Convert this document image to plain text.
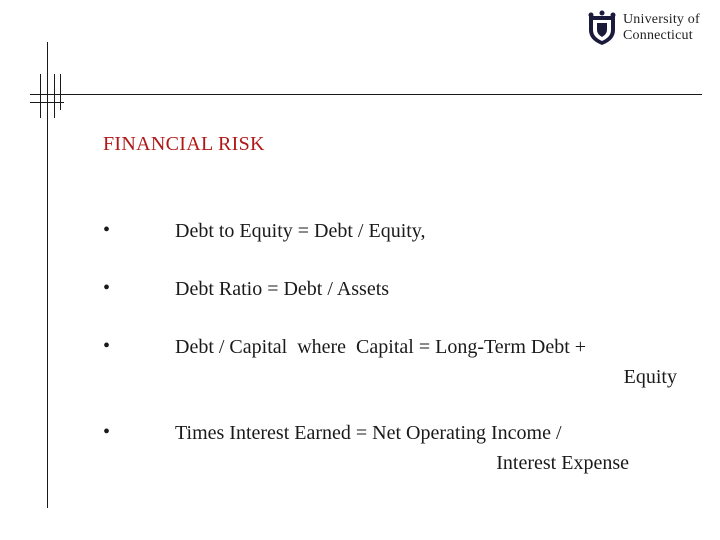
University of
Connecticut
FINANCIAL RISK
•	Debt to Equity = Debt / Equity,
•	Debt Ratio = Debt / Assets
•	Debt / Capital  where  Capital = Long-Term Debt +
Equity
•	Times Interest Earned = Net Operating Income /
Interest Expense
